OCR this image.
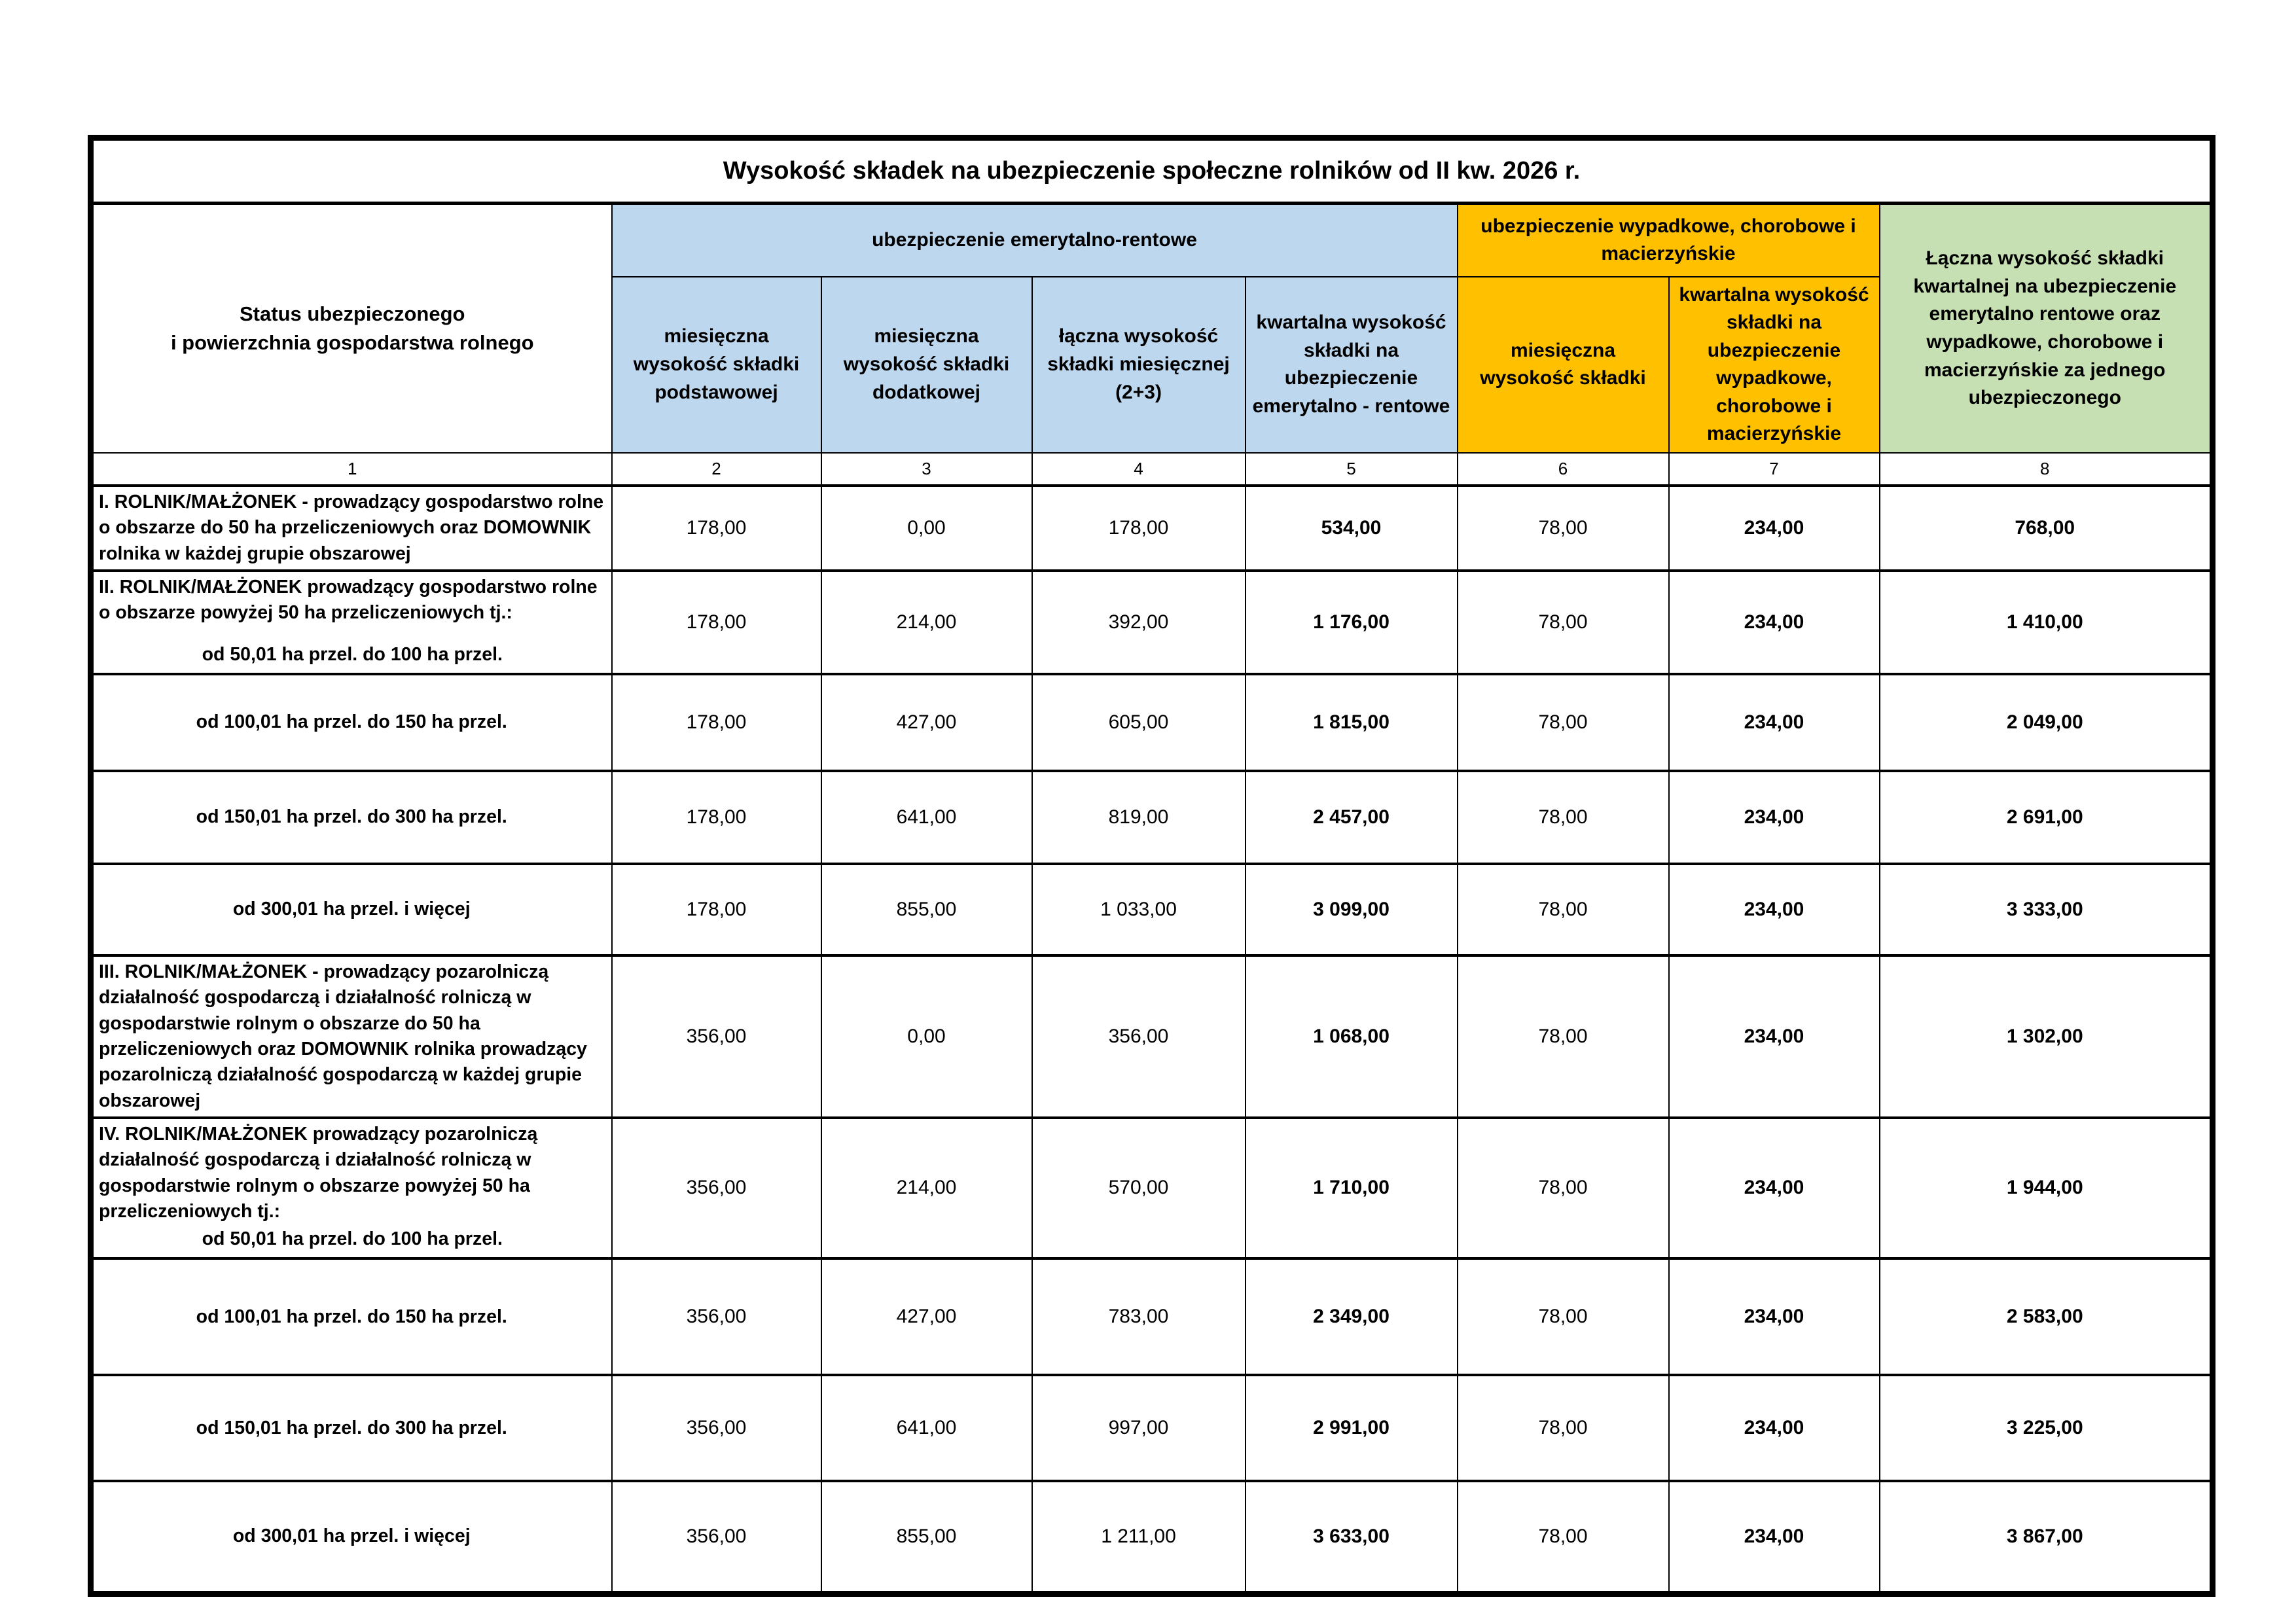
Wysokość składek na ubezpieczenie społeczne rolników od II kw. 2026 r.							

Status ubezpieczonego
i powierzchnia gospodarstwa rolnego	ubezpieczenie emerytalno-rentowe				ubezpieczenie wypadkowe, chorobowe i macierzyńskie		Łączna wysokość składki kwartalnej na ubezpieczenie emerytalno rentowe oraz wypadkowe, chorobowe i macierzyńskie za jednego ubezpieczonego
	miesięczna wysokość składki podstawowej	miesięczna wysokość składki dodatkowej	łączna wysokość składki miesięcznej (2+3)	kwartalna wysokość składki na ubezpieczenie emerytalno - rentowe	miesięczna wysokość składki	kwartalna wysokość składki na ubezpieczenie wypadkowe, chorobowe i macierzyńskie	
1	2	3	4	5	6	7	8
I. ROLNIK/MAŁŻONEK - prowadzący gospodarstwo rolne o obszarze do 50 ha przeliczeniowych oraz DOMOWNIK rolnika w każdej grupie obszarowej	178,00	0,00	178,00	534,00	78,00	234,00	768,00

II. ROLNIK/MAŁŻONEK prowadzący gospodarstwo rolne o obszarze powyżej 50 ha przeliczeniowych tj.:
od 50,01 ha przel. do 100 ha przel.	178,00	214,00	392,00	1 176,00	78,00	234,00	1 410,00
od 100,01 ha przel. do 150 ha przel.	178,00	427,00	605,00	1 815,00	78,00	234,00	2 049,00
od 150,01 ha przel. do 300 ha przel.	178,00	641,00	819,00	2 457,00	78,00	234,00	2 691,00
od 300,01 ha przel. i więcej	178,00	855,00	1 033,00	3 099,00	78,00	234,00	3 333,00
III. ROLNIK/MAŁŻONEK - prowadzący pozarolniczą działalność gospodarczą i działalność rolniczą w gospodarstwie rolnym o obszarze do 50 ha przeliczeniowych oraz DOMOWNIK rolnika prowadzący pozarolniczą działalność gospodarczą w każdej grupie obszarowej	356,00	0,00	356,00	1 068,00	78,00	234,00	1 302,00

IV. ROLNIK/MAŁŻONEK prowadzący pozarolniczą działalność gospodarczą i działalność rolniczą w gospodarstwie rolnym o obszarze powyżej 50 ha przeliczeniowych tj.:
od 50,01 ha przel. do 100 ha przel.	356,00	214,00	570,00	1 710,00	78,00	234,00	1 944,00
od 100,01 ha przel. do 150 ha przel.	356,00	427,00	783,00	2 349,00	78,00	234,00	2 583,00
od 150,01 ha przel. do 300 ha przel.	356,00	641,00	997,00	2 991,00	78,00	234,00	3 225,00
od 300,01 ha przel. i więcej	356,00	855,00	1 211,00	3 633,00	78,00	234,00	3 867,00
